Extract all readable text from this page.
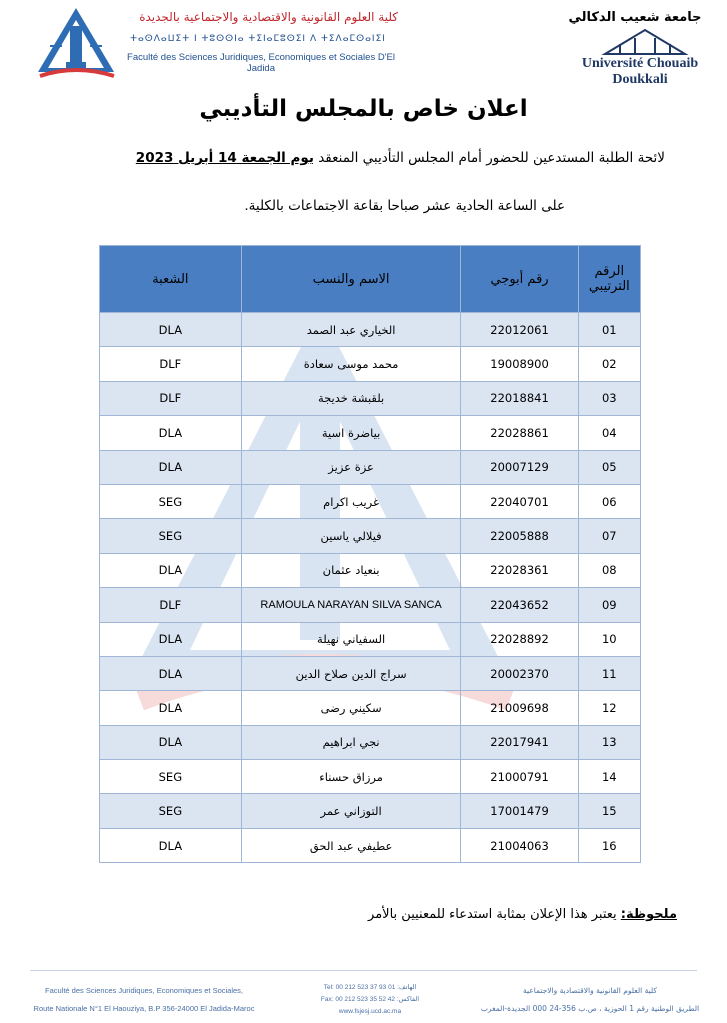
كلية العلوم القانونية والاقتصادية والاجتماعية بالجديدة
ⵜⴰⵙⴷⴰⵡⵉⵜ ⵏ ⵜⵓⵙⵙⵏⴰ ⵜⵉⵏⴰⵎⵓⵙⵉⵏ ⴷ ⵜⵉⴷⴰⵎⵙⴰⵏⵉⵏ
Faculté des Sciences Juridiques, Economiques et Sociales D'El Jadida
جامعة شعيب الدكالي
Université Chouaib Doukkali
اعلان خاص بالمجلس التأديبي
لائحة الطلبة المستدعين للحضور أمام المجلس التأديبي المنعقد يوم الجمعة 14 أبريل 2023
على الساعة الحادية عشر صباحا بقاعة الاجتماعات بالكلية.
الرقم الترتيبي	رقم أبوجي	الاسم والنسب	الشعبة
01	22012061	الخياري عبد الصمد	DLA
02	19008900	محمد موسى سعادة	DLF
03	22018841	بلقبشة خديجة	DLF
04	22028861	بياضرة اسية	DLA
05	20007129	عزة عزيز	DLA
06	22040701	غريب اكرام	SEG
07	22005888	فيلالي ياسين	SEG
08	22028361	بنعياد عثمان	DLA
09	22043652	RAMOULA NARAYAN SILVA SANCA	DLF
10	22028892	السفياني نهيلة	DLA
11	20002370	سراج الدين صلاح الدين	DLA
12	21009698	سكيني رضى	DLA
13	22017941	نجي ابراهيم	DLA
14	21000791	مرزاق حسناء	SEG
15	17001479	التوزاني عمر	SEG
16	21004063	عطيفي عبد الحق	DLA
ملحوظة: يعتبر هذا الإعلان بمثابة استدعاء للمعنيين بالأمر
Faculté des Sciences Juridiques, Economiques et Sociales,
Route Nationale N°1 El Haouziya, B.P 356-24000 El Jadida-Maroc
Tel: 00 212 523 37 93 01 :الهاتف
Fax: 00 212 523 35 52 42 :الفاكس
www.fsjesj.ucd.ac.ma
كلية العلوم القانونية والاقتصادية والاجتماعية
الطريق الوطنية رقم 1 الحوزية ، ص.ب 356-24 000 الجديدة-المغرب
